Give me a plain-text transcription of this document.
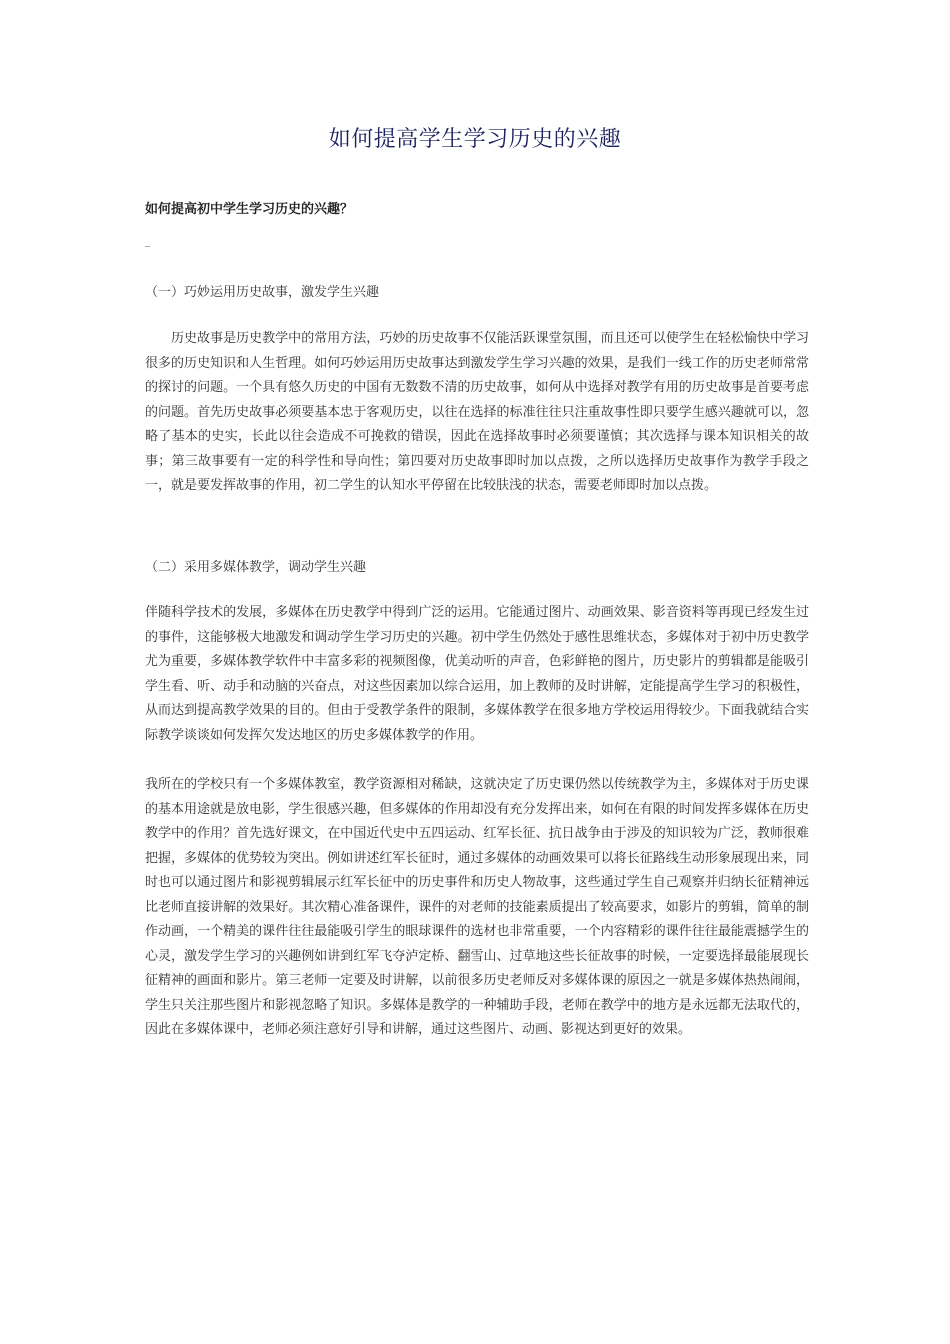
如何提高学生学习历史的兴趣
如何提高初中学生学习历史的兴趣？
_
（一）巧妙运用历史故事，激发学生兴趣

历史故事是历史教学中的常用方法，巧妙的历史故事不仅能活跃课堂氛围，而且还可以使学生在轻松愉快中学习很多的历史知识和人生哲理。如何巧妙运用历史故事达到激发学生学习兴趣的效果，是我们一线工作的历史老师常常的探讨的问题。一个具有悠久历史的中国有无数数不清的历史故事，如何从中选择对教学有用的历史故事是首要考虑的问题。首先历史故事必须要基本忠于客观历史，以往在选择的标准往往只注重故事性即只要学生感兴趣就可以，忽略了基本的史实，长此以往会造成不可挽救的错误，因此在选择故事时必须要谨慎；其次选择与课本知识相关的故事；第三故事要有一定的科学性和导向性；第四要对历史故事即时加以点拨，之所以选择历史故事作为教学手段之一，就是要发挥故事的作用，初二学生的认知水平停留在比较肤浅的状态，需要老师即时加以点拨。

（二）采用多媒体教学，调动学生兴趣

伴随科学技术的发展，多媒体在历史教学中得到广泛的运用。它能通过图片、动画效果、影音资料等再现已经发生过的事件，这能够极大地激发和调动学生学习历史的兴趣。初中学生仍然处于感性思维状态，多媒体对于初中历史教学尤为重要，多媒体教学软件中丰富多彩的视频图像，优美动听的声音，色彩鲜艳的图片，历史影片的剪辑都是能吸引学生看、听、动手和动脑的兴奋点，对这些因素加以综合运用，加上教师的及时讲解，定能提高学生学习的积极性，从而达到提高教学效果的目的。但由于受教学条件的限制，多媒体教学在很多地方学校运用得较少。下面我就结合实际教学谈谈如何发挥欠发达地区的历史多媒体教学的作用。

我所在的学校只有一个多媒体教室，教学资源相对稀缺，这就决定了历史课仍然以传统教学为主，多媒体对于历史课的基本用途就是放电影，学生很感兴趣，但多媒体的作用却没有充分发挥出来，如何在有限的时间发挥多媒体在历史教学中的作用？首先选好课文，在中国近代史中五四运动、红军长征、抗日战争由于涉及的知识较为广泛，教师很难把握，多媒体的优势较为突出。例如讲述红军长征时，通过多媒体的动画效果可以将长征路线生动形象展现出来，同时也可以通过图片和影视剪辑展示红军长征中的历史事件和历史人物故事，这些通过学生自己观察并归纳长征精神远比老师直接讲解的效果好。其次精心准备课件，课件的对老师的技能素质提出了较高要求，如影片的剪辑，简单的制作动画，一个精美的课件往往最能吸引学生的眼球课件的选材也非常重要，一个内容精彩的课件往往最能震撼学生的心灵，激发学生学习的兴趣例如讲到红军飞夺泸定桥、翻雪山、过草地这些长征故事的时候，一定要选择最能展现长征精神的画面和影片。第三老师一定要及时讲解，以前很多历史老师反对多媒体课的原因之一就是多媒体热热闹闹，学生只关注那些图片和影视忽略了知识。多媒体是教学的一种辅助手段，老师在教学中的地方是永远都无法取代的，因此在多媒体课中，老师必须注意好引导和讲解，通过这些图片、动画、影视达到更好的效果。
